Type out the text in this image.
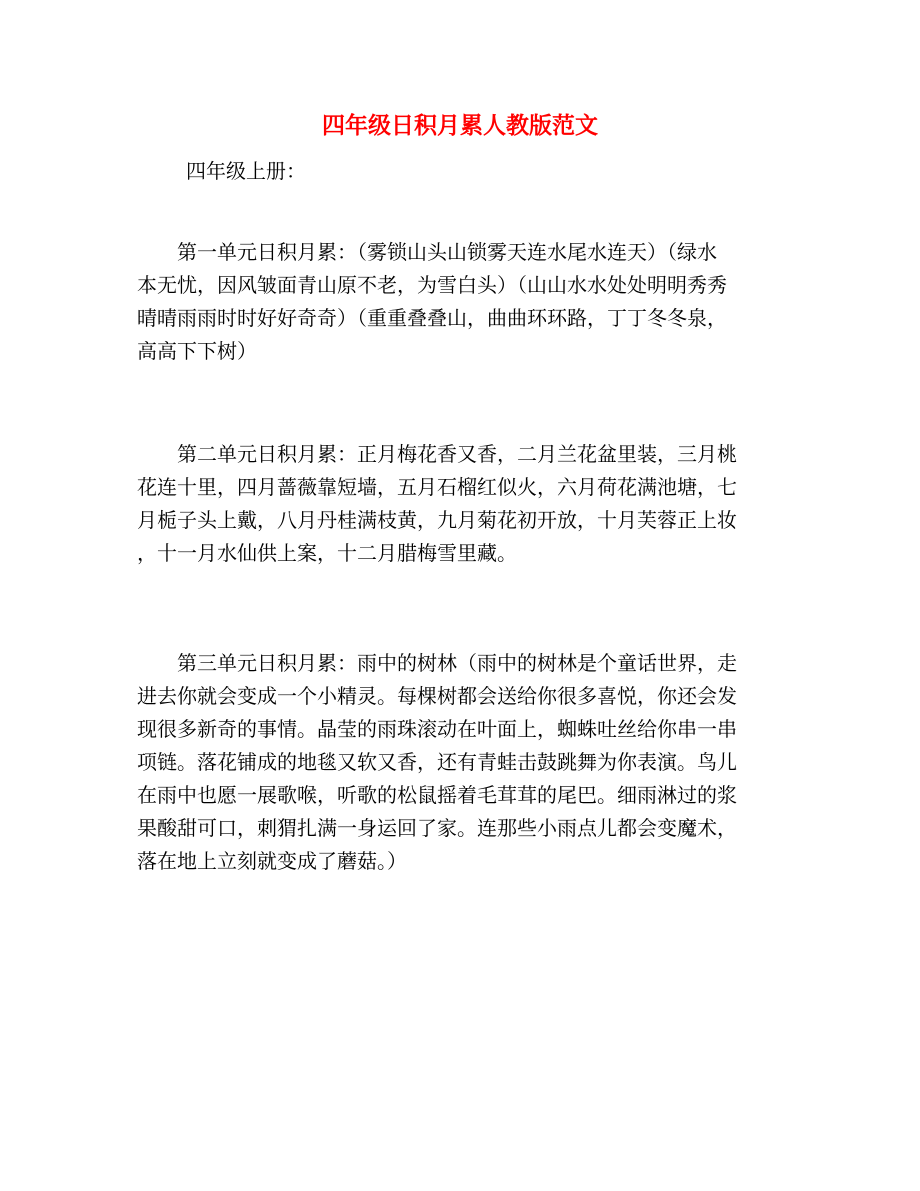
四年级日积月累人教版范文
四年级上册：
　　第一单元日积月累：（雾锁山头山锁雾天连水尾水连天）（绿水
本无忧，因风皱面青山原不老，为雪白头）（山山水水处处明明秀秀
晴晴雨雨时时好好奇奇）（重重叠叠山，曲曲环环路，丁丁冬冬泉，
高高下下树）
　　第二单元日积月累：正月梅花香又香，二月兰花盆里装，三月桃
花连十里，四月蔷薇靠短墙，五月石榴红似火，六月荷花满池塘，七
月栀子头上戴，八月丹桂满枝黄，九月菊花初开放，十月芙蓉正上妆
，十一月水仙供上案，十二月腊梅雪里藏。
　　第三单元日积月累：雨中的树林（雨中的树林是个童话世界，走
进去你就会变成一个小精灵。每棵树都会送给你很多喜悦，你还会发
现很多新奇的事情。晶莹的雨珠滚动在叶面上，蜘蛛吐丝给你串一串
项链。落花铺成的地毯又软又香，还有青蛙击鼓跳舞为你表演。鸟儿
在雨中也愿一展歌喉，听歌的松鼠摇着毛茸茸的尾巴。细雨淋过的浆
果酸甜可口，刺猬扎满一身运回了家。连那些小雨点儿都会变魔术，
落在地上立刻就变成了蘑菇。）
